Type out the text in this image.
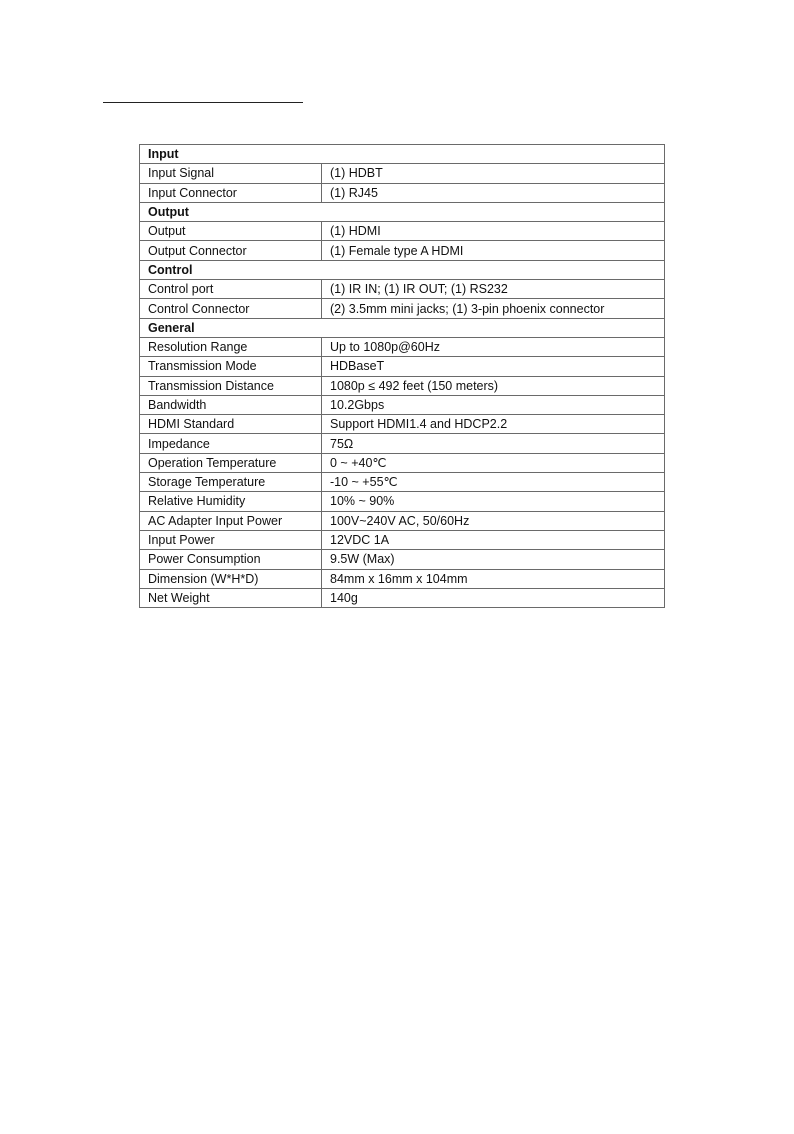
Input	
Input Signal	(1) HDBT
Input Connector	(1) RJ45
Output	
Output	(1) HDMI
Output Connector	(1) Female type A HDMI
Control	
Control port	(1) IR IN; (1) IR OUT; (1) RS232
Control Connector	(2) 3.5mm mini jacks; (1) 3-pin phoenix connector
General	
Resolution Range	Up to 1080p@60Hz
Transmission Mode	HDBaseT
Transmission Distance	1080p ≤ 492 feet (150 meters)
Bandwidth	10.2Gbps
HDMI Standard	Support HDMI1.4 and HDCP2.2
Impedance	75Ω
Operation Temperature	0 ~ +40℃
Storage Temperature	-10 ~ +55℃
Relative Humidity	10% ~ 90%
AC Adapter Input Power	100V~240V AC, 50/60Hz
Input Power	12VDC 1A
Power Consumption	9.5W (Max)
Dimension (W*H*D)	84mm x 16mm x 104mm
Net Weight	140g
